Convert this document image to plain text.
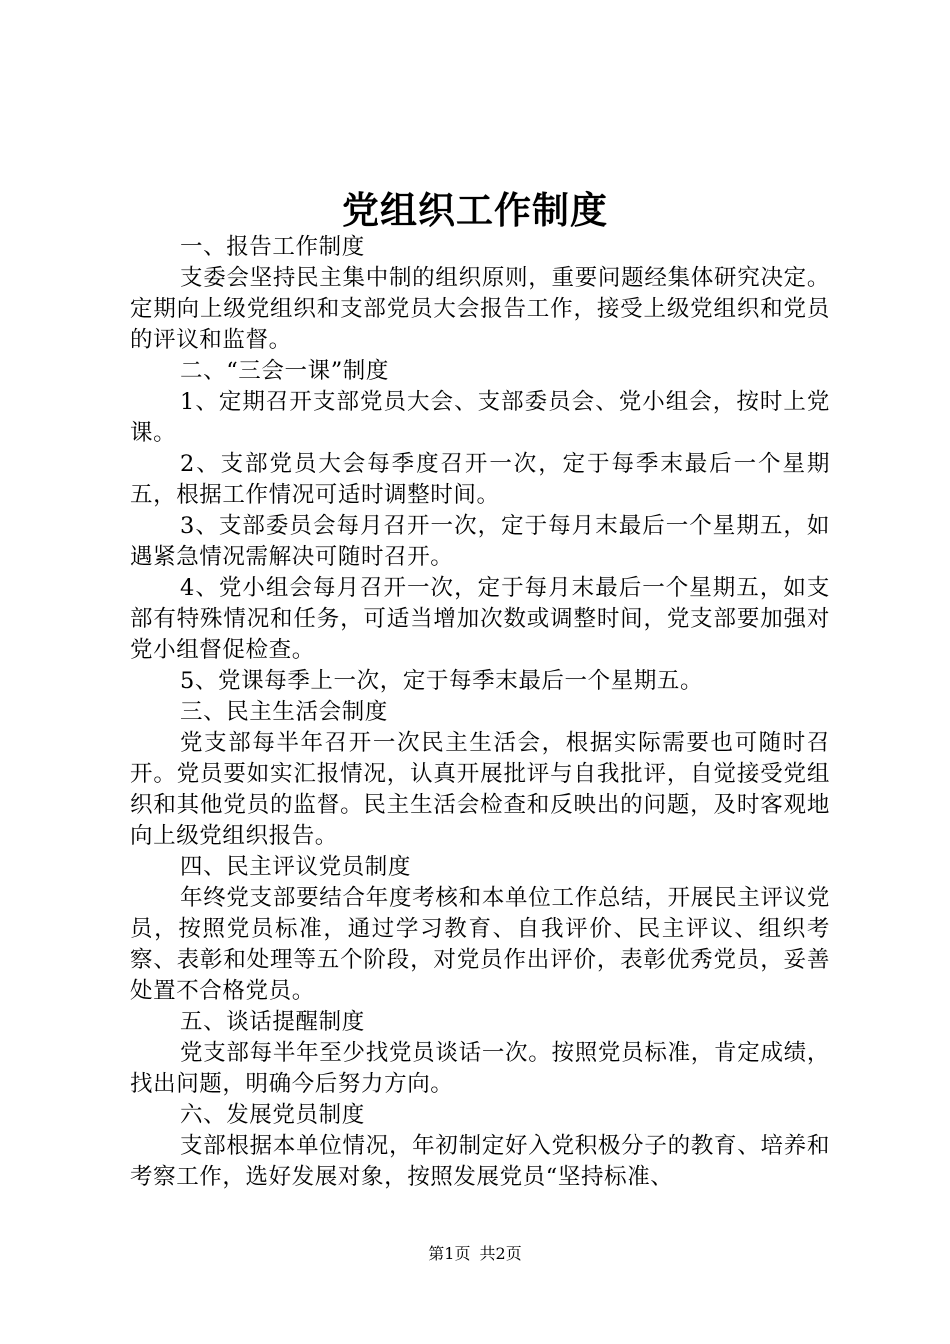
党组织工作制度

一、报告工作制度

支委会坚持民主集中制的组织原则，重要问题经集体研究决定。定期向上级党组织和支部党员大会报告工作，接受上级党组织和党员的评议和监督。

二、“三会一课”制度

1、定期召开支部党员大会、支部委员会、党小组会，按时上党课。

2、支部党员大会每季度召开一次，定于每季末最后一个星期五，根据工作情况可适时调整时间。

3、支部委员会每月召开一次，定于每月末最后一个星期五，如遇紧急情况需解决可随时召开。

4、党小组会每月召开一次，定于每月末最后一个星期五，如支部有特殊情况和任务，可适当增加次数或调整时间，党支部要加强对党小组督促检查。

5、党课每季上一次，定于每季末最后一个星期五。

三、民主生活会制度

党支部每半年召开一次民主生活会，根据实际需要也可随时召开。党员要如实汇报情况，认真开展批评与自我批评，自觉接受党组织和其他党员的监督。民主生活会检查和反映出的问题，及时客观地向上级党组织报告。

四、民主评议党员制度

年终党支部要结合年度考核和本单位工作总结，开展民主评议党员，按照党员标准，通过学习教育、自我评价、民主评议、组织考察、表彰和处理等五个阶段，对党员作出评价，表彰优秀党员，妥善处置不合格党员。

五、谈话提醒制度

党支部每半年至少找党员谈话一次。按照党员标准，肯定成绩，找出问题，明确今后努力方向。

六、发展党员制度

支部根据本单位情况，年初制定好入党积极分子的教育、培养和考察工作，选好发展对象，按照发展党员“坚持标准、

第1页 共2页
